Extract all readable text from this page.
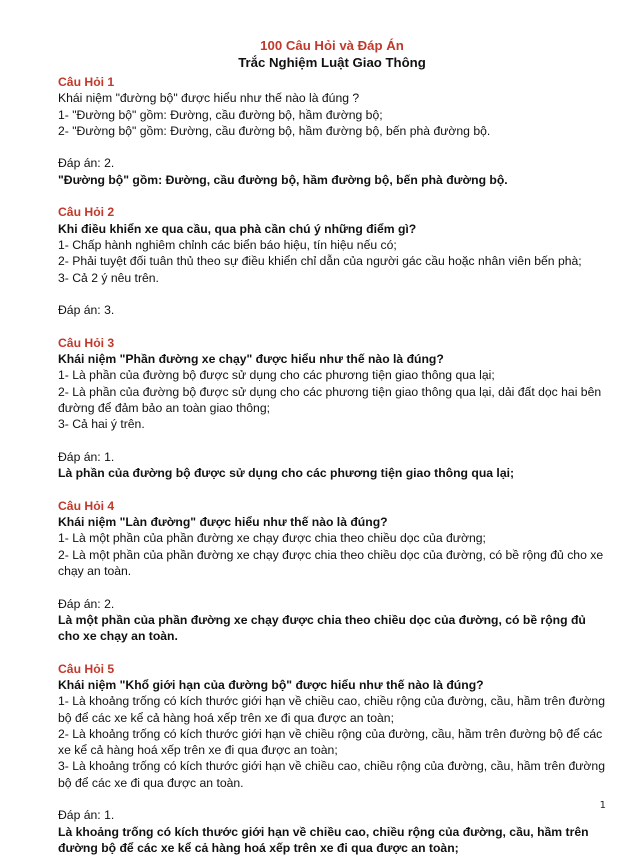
100 Câu Hỏi và Đáp Án
Trắc Nghiệm Luật Giao Thông
Câu Hỏi 1
Khái niệm "đường bộ" được hiểu như thế nào là đúng ?
1- "Đường bộ" gồm: Đường, cầu đường bộ, hầm đường bộ;
2- "Đường bộ" gồm: Đường, cầu đường bộ, hầm đường bộ, bến phà đường bộ.
Đáp án: 2.
"Đường bộ" gồm: Đường, cầu đường bộ, hầm đường bộ, bến phà đường bộ.
Câu Hỏi 2
Khi điều khiển xe qua cầu, qua phà cần chú ý những điểm gì?
1- Chấp hành nghiêm chỉnh các biển báo hiệu, tín hiệu nếu có;
2- Phải tuyệt đối tuân thủ theo sự điều khiển chỉ dẫn của người gác cầu hoặc nhân viên bến phà;
3- Cả 2 ý nêu trên.
Đáp án: 3.
Câu Hỏi 3
Khái niệm "Phần đường xe chạy" được hiểu như thế nào là đúng?
1- Là phần của đường bộ được sử dụng cho các phương tiện giao thông qua lại;
2- Là phần của đường bộ được sử dụng cho các phương tiện giao thông qua lại, dải đất dọc hai bên đường để đảm bảo an toàn giao thông;
3- Cả hai ý trên.
Đáp án: 1.
Là phần của đường bộ được sử dụng cho các phương tiện giao thông qua lại;
Câu Hỏi 4
Khái niệm "Làn đường" được hiểu như thế nào là đúng?
1- Là một phần của phần đường xe chạy được chia theo chiều dọc của đường;
2- Là một phần của phần đường xe chạy được chia theo chiều dọc của đường, có bề rộng đủ cho xe chạy an toàn.
Đáp án: 2.
Là một phần của phần đường xe chạy được chia theo chiều dọc của đường, có bề rộng đủ cho xe chạy an toàn.
Câu Hỏi 5
Khái niệm "Khổ giới hạn của đường bộ" được hiểu như thế nào là đúng?
1- Là khoảng trống có kích thước giới hạn về chiều cao, chiều rộng của đường, cầu, hầm trên đường bộ để các xe kể cả hàng hoá xếp trên xe đi qua được an toàn;
2- Là khoảng trống có kích thước giới hạn về chiều rộng của đường, cầu, hầm trên đường bộ để các xe kể cả hàng hoá xếp trên xe đi qua được an toàn;
3- Là khoảng trống có kích thước giới hạn về chiều cao, chiều rộng của đường, cầu, hầm trên đường bộ để các xe đi qua được an toàn.
Đáp án: 1.
Là khoảng trống có kích thước giới hạn về chiều cao, chiều rộng của đường, cầu, hầm trên đường bộ để các xe kể cả hàng hoá xếp trên xe đi qua được an toàn;
1
